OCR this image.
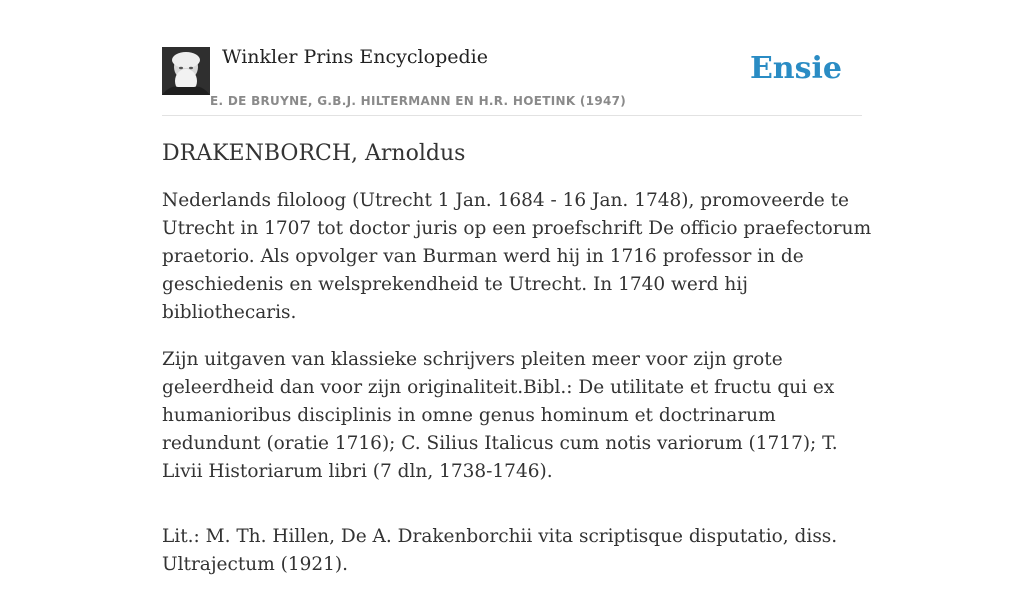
Winkler Prins Encyclopedie
E. DE BRUYNE, G.B.J. HILTERMANN EN H.R. HOETINK (1947)
Ensie
DRAKENBORCH, Arnoldus

Nederlands filoloog (Utrecht 1 Jan. 1684 - 16 Jan. 1748), promoveerde te Utrecht in 1707 tot doctor juris op een proefschrift De officio praefectorum praetorio. Als opvolger van Burman werd hij in 1716 professor in de geschiedenis en welsprekendheid te Utrecht. In 1740 werd hij bibliothecaris.

Zijn uitgaven van klassieke schrijvers pleiten meer voor zijn grote geleerdheid dan voor zijn originaliteit.Bibl.: De utilitate et fructu qui ex humanioribus disciplinis in omne genus hominum et doctrinarum redundunt (oratie 1716); C. Silius Italicus cum notis variorum (1717); T. Livii Historiarum libri (7 dln, 1738-1746).

Lit.: M. Th. Hillen, De A. Drakenborchii vita scriptisque disputatio, diss. Ultrajectum (1921).
